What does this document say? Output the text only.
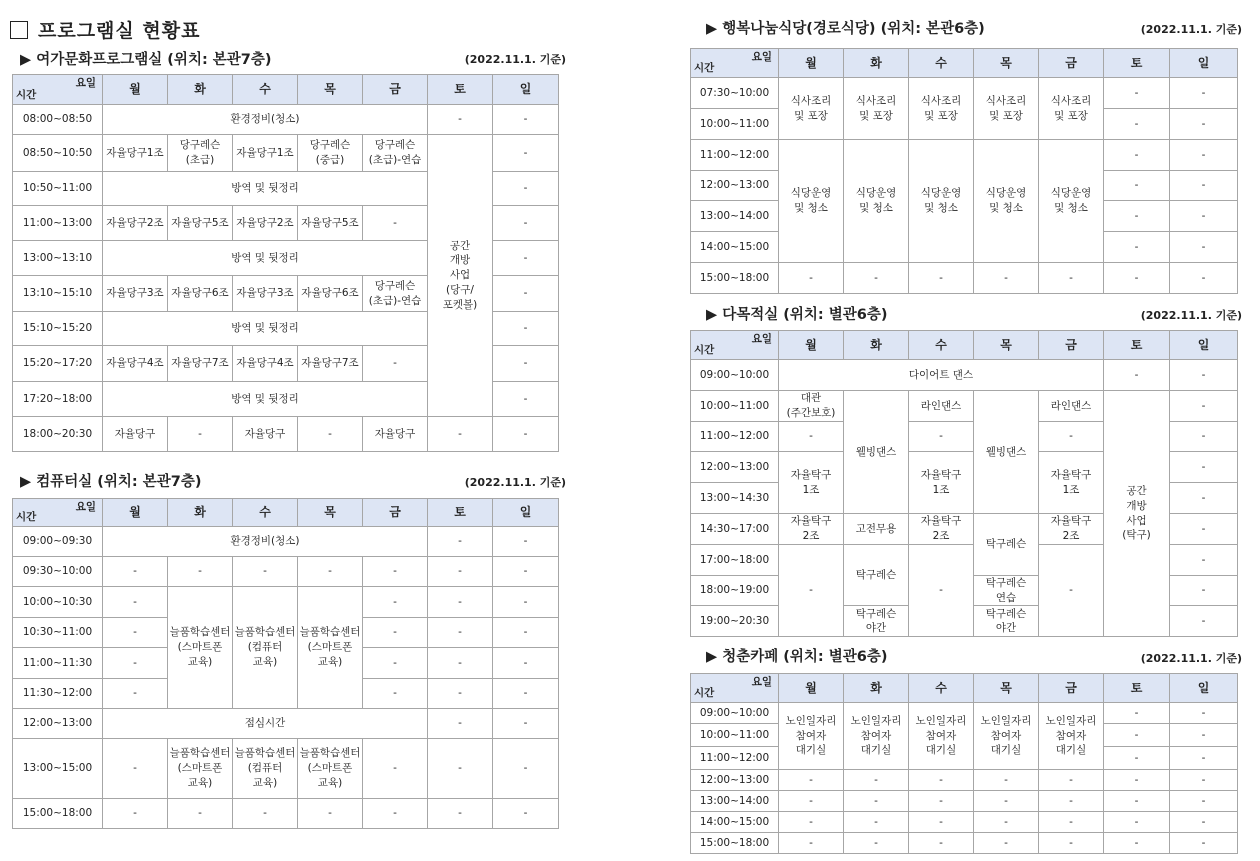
프로그램실 현황표
▶ 여가문화프로그램실 (위치: 본관7층)	(2022.11.1. 기준)
요일
시간	월	화	수	목	금	토	일
08:00~08:50	환경정비(청소)					-	-
08:50~10:50	자율당구1조	당구레슨
(초급)	자율당구1조	당구레슨
(중급)	당구레슨
(초급)-연습	공간
개방
사업
(당구/
포켓볼)	-
10:50~11:00	방역 및 뒷정리						-
11:00~13:00	자율당구2조	자율당구5조	자율당구2조	자율당구5조	-		-
13:00~13:10	방역 및 뒷정리						-
13:10~15:10	자율당구3조	자율당구6조	자율당구3조	자율당구6조	당구레슨
(초급)-연습		-
15:10~15:20	방역 및 뒷정리						-
15:20~17:20	자율당구4조	자율당구7조	자율당구4조	자율당구7조	-		-
17:20~18:00	방역 및 뒷정리						-
18:00~20:30	자율당구	-	자율당구	-	자율당구	-	-
▶ 컴퓨터실 (위치: 본관7층)	(2022.11.1. 기준)
요일
시간	월	화	수	목	금	토	일
09:00~09:30	환경정비(청소)					-	-
09:30~10:00	-	-	-	-	-	-	-
10:00~10:30	-	늘품학습센터
(스마트폰
교육)	늘품학습센터
(컴퓨터
교육)	늘품학습센터
(스마트폰
교육)	-	-	-
10:30~11:00	-				-	-	-
11:00~11:30	-				-	-	-
11:30~12:00	-				-	-	-
12:00~13:00	점심시간					-	-
13:00~15:00	-	늘품학습센터
(스마트폰
교육)	늘품학습센터
(컴퓨터
교육)	늘품학습센터
(스마트폰
교육)	-	-	-
15:00~18:00	-	-	-	-	-	-	-
▶ 행복나눔식당(경로식당) (위치: 본관6층)	(2022.11.1. 기준)
요일
시간	월	화	수	목	금	토	일
07:30~10:00	식사조리
및 포장	식사조리
및 포장	식사조리
및 포장	식사조리
및 포장	식사조리
및 포장	-	-
10:00~11:00						-	-
11:00~12:00	식당운영
및 청소	식당운영
및 청소	식당운영
및 청소	식당운영
및 청소	식당운영
및 청소	-	-
12:00~13:00						-	-
13:00~14:00						-	-
14:00~15:00						-	-
15:00~18:00	-	-	-	-	-	-	-
▶ 다목적실 (위치: 별관6층)	(2022.11.1. 기준)
요일
시간	월	화	수	목	금	토	일
09:00~10:00	다이어트 댄스					-	-
10:00~11:00	대관
(주간보호)	웰빙댄스	라인댄스	웰빙댄스	라인댄스	공간
개방
사업
(탁구)	-
11:00~12:00	-		-		-		-
12:00~13:00	자율탁구
1조		자율탁구
1조		자율탁구
1조		-
13:00~14:30							-
14:30~17:00	자율탁구
2조	고전무용	자율탁구
2조	탁구레슨	자율탁구
2조		-
17:00~18:00	-	탁구레슨	-		-		-
18:00~19:00				탁구레슨
연습			-
19:00~20:30		탁구레슨
야간		탁구레슨
야간			-
▶ 청춘카페 (위치: 별관6층)	(2022.11.1. 기준)
요일
시간	월	화	수	목	금	토	일
09:00~10:00	노인일자리
참여자
대기실	노인일자리
참여자
대기실	노인일자리
참여자
대기실	노인일자리
참여자
대기실	노인일자리
참여자
대기실	-	-
10:00~11:00						-	-
11:00~12:00						-	-
12:00~13:00	-	-	-	-	-	-	-
13:00~14:00	-	-	-	-	-	-	-
14:00~15:00	-	-	-	-	-	-	-
15:00~18:00	-	-	-	-	-	-	-
